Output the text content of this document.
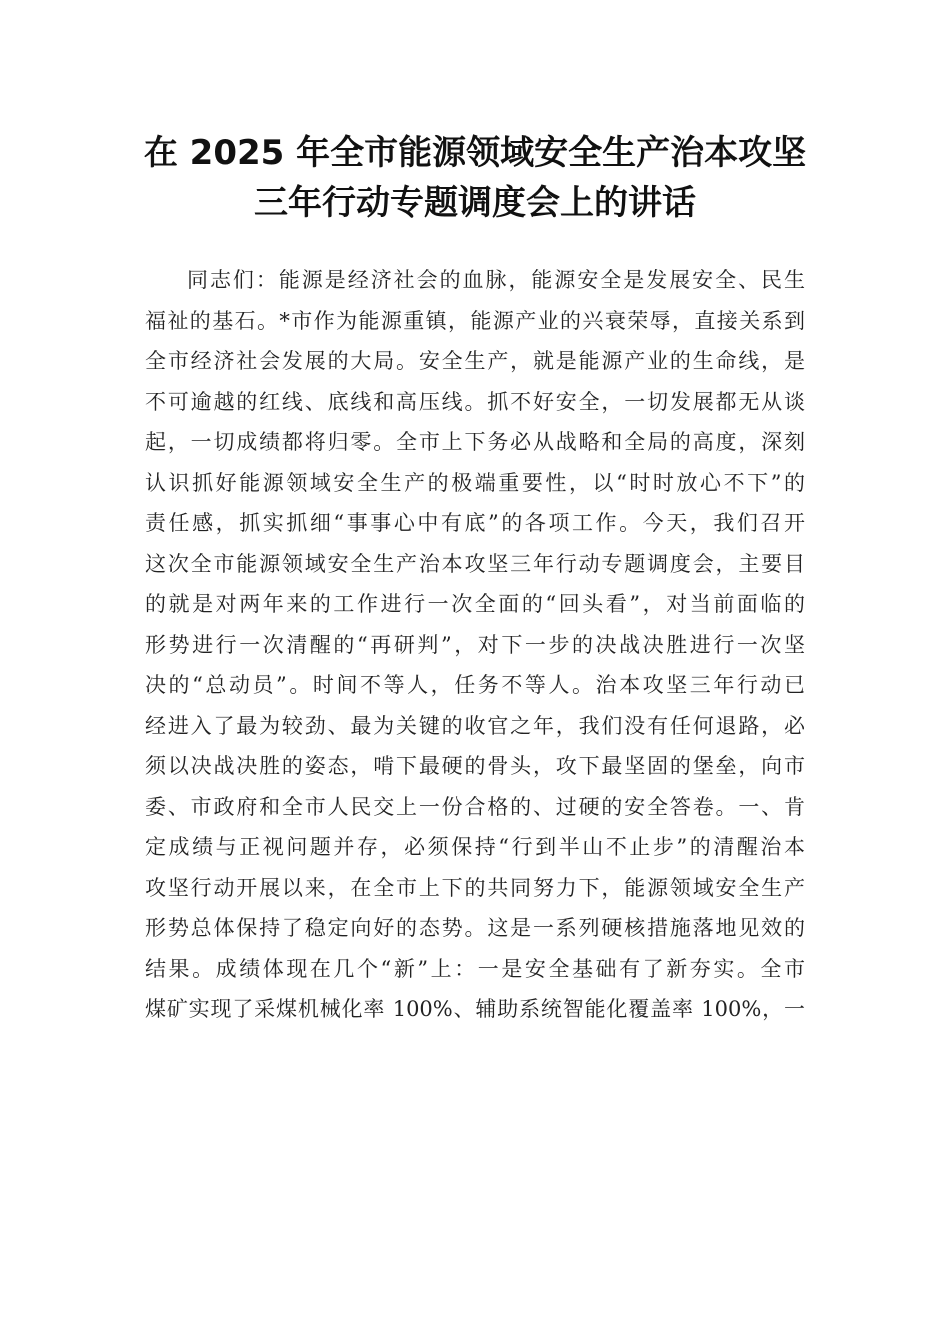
在 2025 年全市能源领域安全生产治本攻坚
三年行动专题调度会上的讲话
同志们：能源是经济社会的血脉，能源安全是发展安全、民生
福祉的基石。*市作为能源重镇，能源产业的兴衰荣辱，直接关系到
全市经济社会发展的大局。安全生产，就是能源产业的生命线，是
不可逾越的红线、底线和高压线。抓不好安全，一切发展都无从谈
起，一切成绩都将归零。全市上下务必从战略和全局的高度，深刻
认识抓好能源领域安全生产的极端重要性，以“时时放心不下”的
责任感，抓实抓细“事事心中有底”的各项工作。今天，我们召开
这次全市能源领域安全生产治本攻坚三年行动专题调度会，主要目
的就是对两年来的工作进行一次全面的“回头看”，对当前面临的
形势进行一次清醒的“再研判”，对下一步的决战决胜进行一次坚
决的“总动员”。时间不等人，任务不等人。治本攻坚三年行动已
经进入了最为较劲、最为关键的收官之年，我们没有任何退路，必
须以决战决胜的姿态，啃下最硬的骨头，攻下最坚固的堡垒，向市
委、市政府和全市人民交上一份合格的、过硬的安全答卷。一、肯
定成绩与正视问题并存，必须保持“行到半山不止步”的清醒治本
攻坚行动开展以来，在全市上下的共同努力下，能源领域安全生产
形势总体保持了稳定向好的态势。这是一系列硬核措施落地见效的
结果。成绩体现在几个“新”上：一是安全基础有了新夯实。全市
煤矿实现了采煤机械化率 100%、辅助系统智能化覆盖率 100%，一
